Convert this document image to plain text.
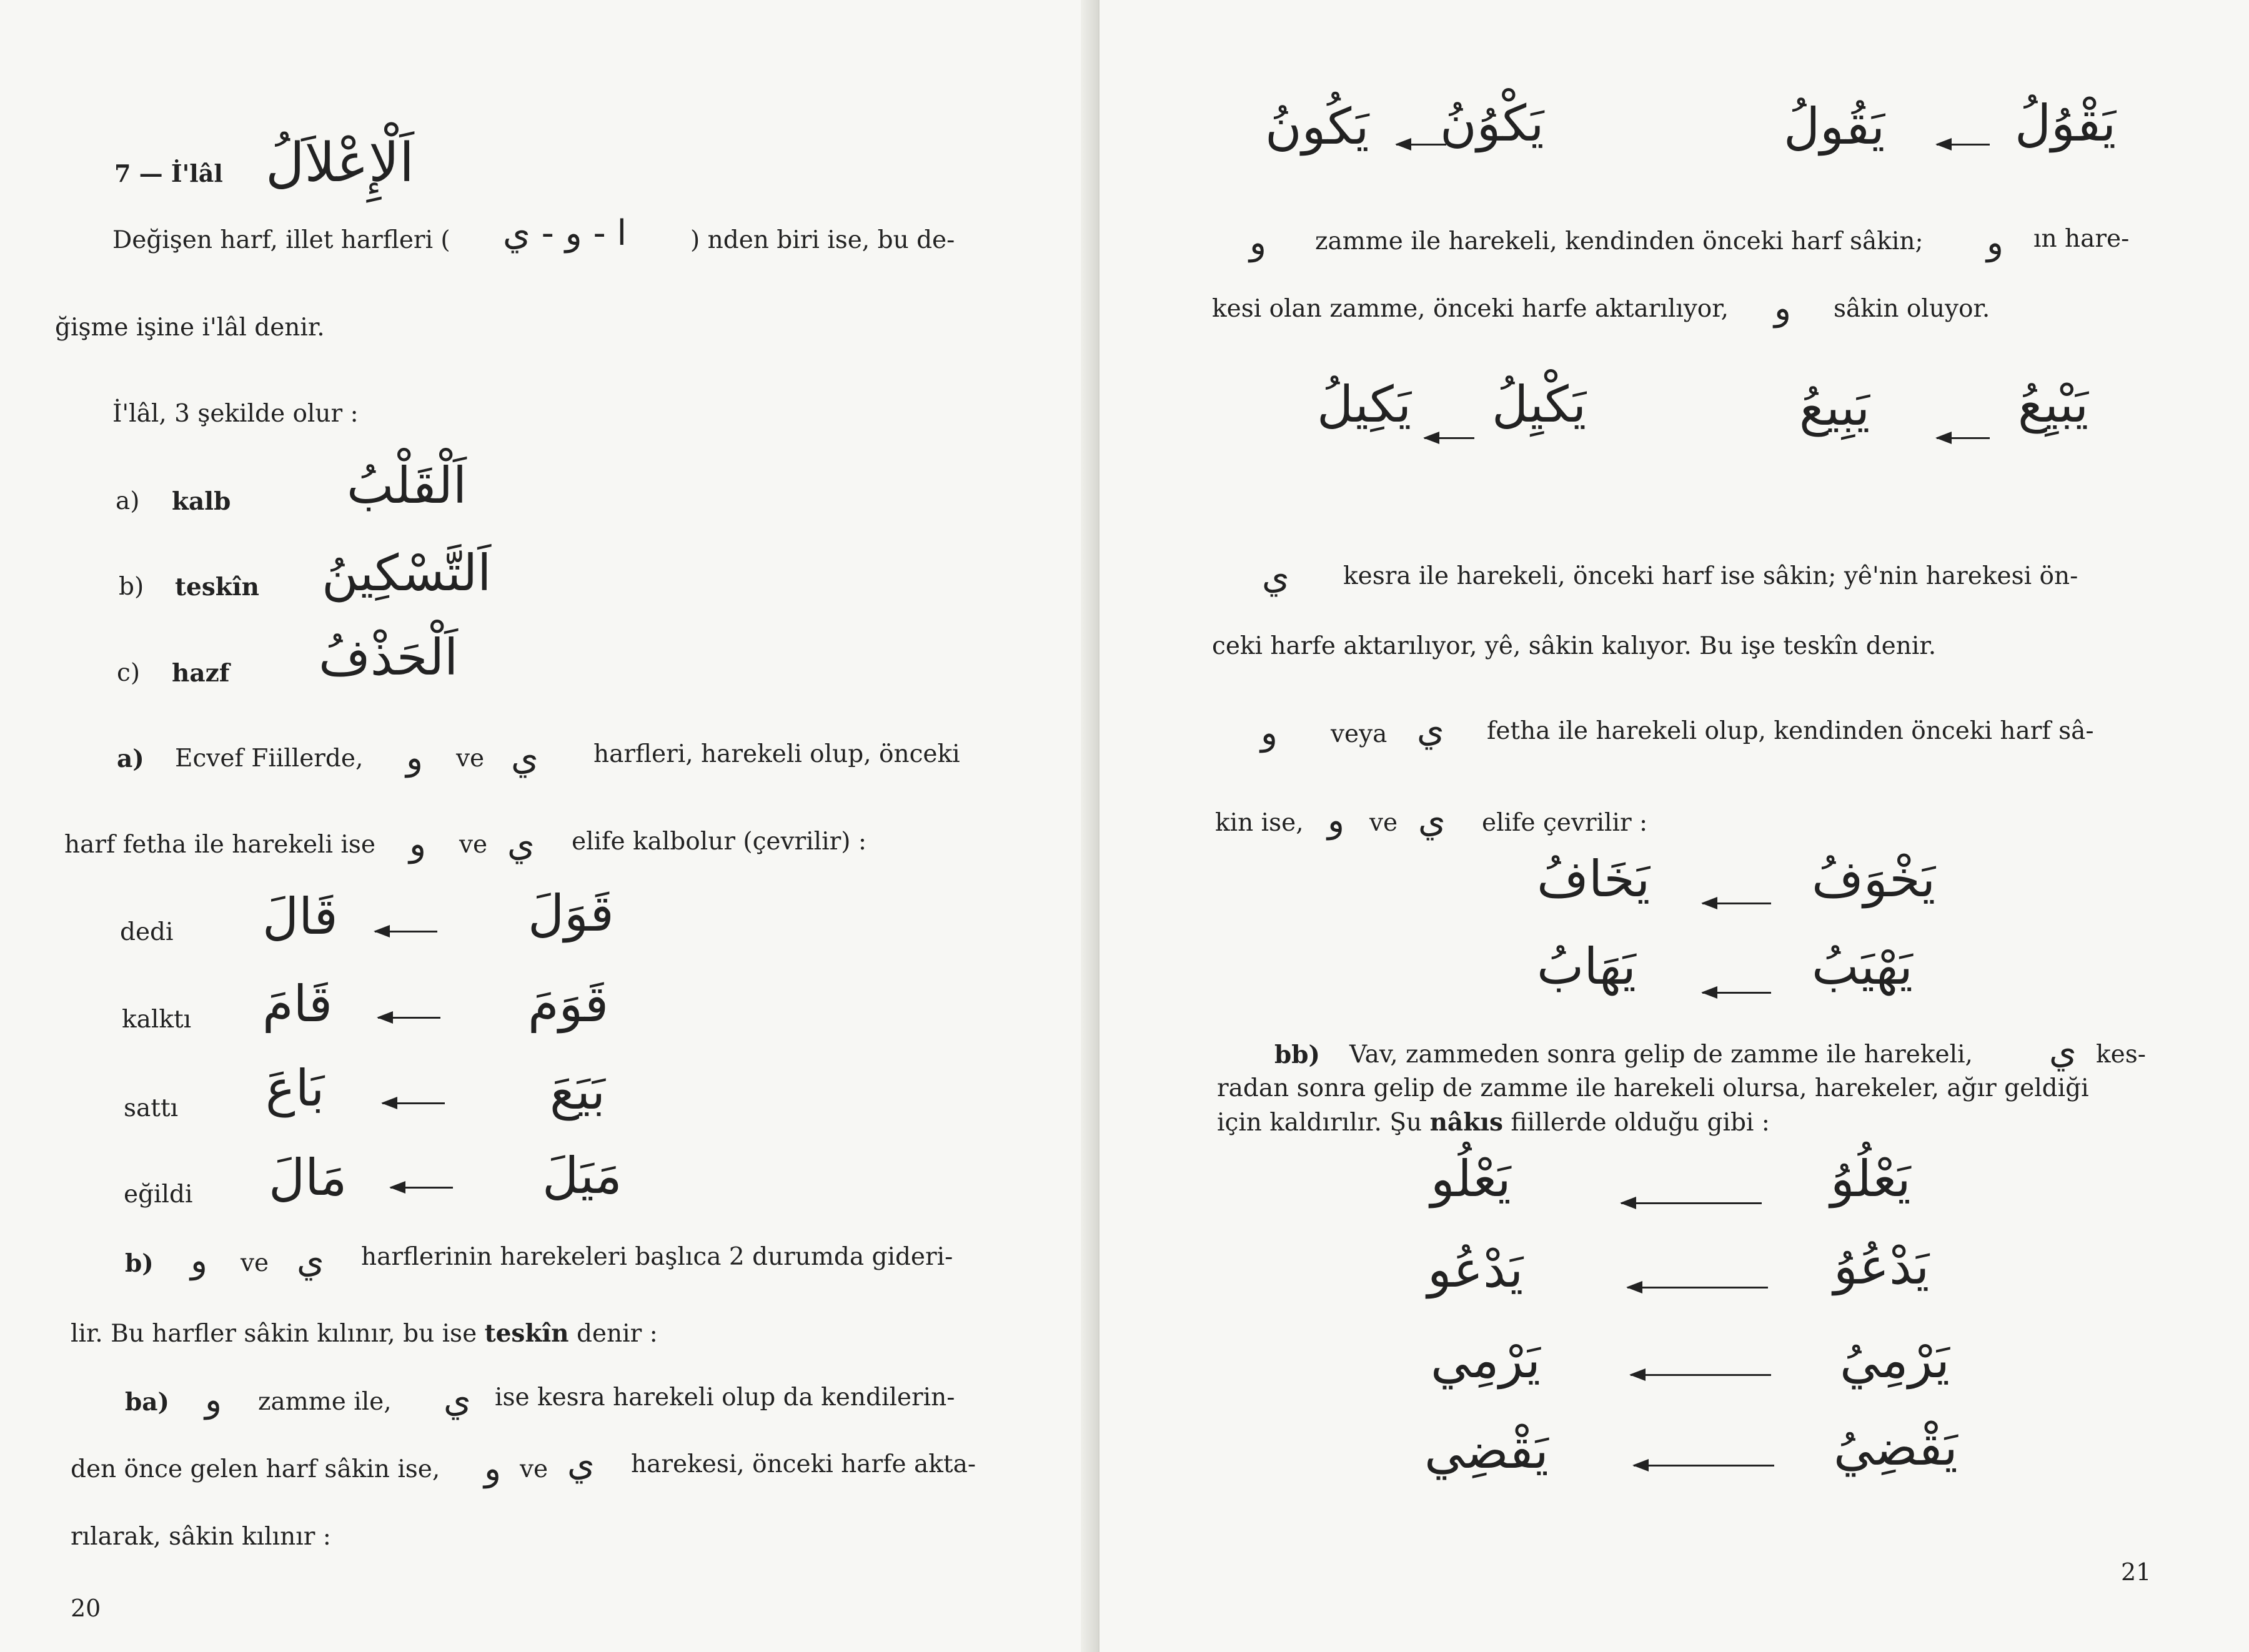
7 — İ'lâl اَلْإِعْلاَلُ
Değişen harf, illet harfleri ( ا - و - ي	) nden biri ise, bu de-
ğişme işine i'lâl denir.
İ'lâl, 3 şekilde olur :
a) kalb اَلْقَلْبُ
b) teskîn اَلتَّسْكِينُ
c) hazf اَلْحَذْفُ
a) Ecvef Fiillerde, و ve ي harfleri, harekeli olup, önceki
harf fetha ile harekeli ise و ve ي elife kalbolur (çevrilir) :
dedi قَالَ	قَوَلَ
kalktı قَامَ	قَوَمَ
sattı بَاعَ	بَيَعَ
eğildi مَالَ	مَيَلَ
b) و ve ي harflerinin harekeleri başlıca 2 durumda gideri-
lir. Bu harfler sâkin kılınır, bu ise teskîn denir :
ba) و zamme ile, ي ise kesra harekeli olup da kendilerin-
den önce gelen harf sâkin ise, و ve ي harekesi, önceki harfe akta-
rılarak, sâkin kılınır :
20
يَكُونُ يَكْوُنُ	يَقُولُ	يَقْوُلُ
و zamme ile harekeli, kendinden önceki harf sâkin; و ın hare-
kesi olan zamme, önceki harfe aktarılıyor, و sâkin oluyor.
يَكِيلُ يَكْيِلُ	يَبِيعُ	يَبْيِعُ
ي kesra ile harekeli, önceki harf ise sâkin; yê'nin harekesi ön-
ceki harfe aktarılıyor, yê, sâkin kalıyor. Bu işe teskîn denir.
و veya ي fetha ile harekeli olup, kendinden önceki harf sâ-
kin ise, و ve ي elife çevrilir :
يَخَافُ	يَخْوَفُ
يَهَابُ	يَهْيَبُ
bb) Vav, zammeden sonra gelip de zamme ile harekeli, ي kes-
radan sonra gelip de zamme ile harekeli olursa, harekeler, ağır geldiği
için kaldırılır. Şu nâkıs fiillerde olduğu gibi :
يَعْلُو	يَعْلُوُ
يَدْعُو	يَدْعُوُ
يَرْمِي	يَرْمِيُ
يَقْضِي	يَقْضِيُ
21
